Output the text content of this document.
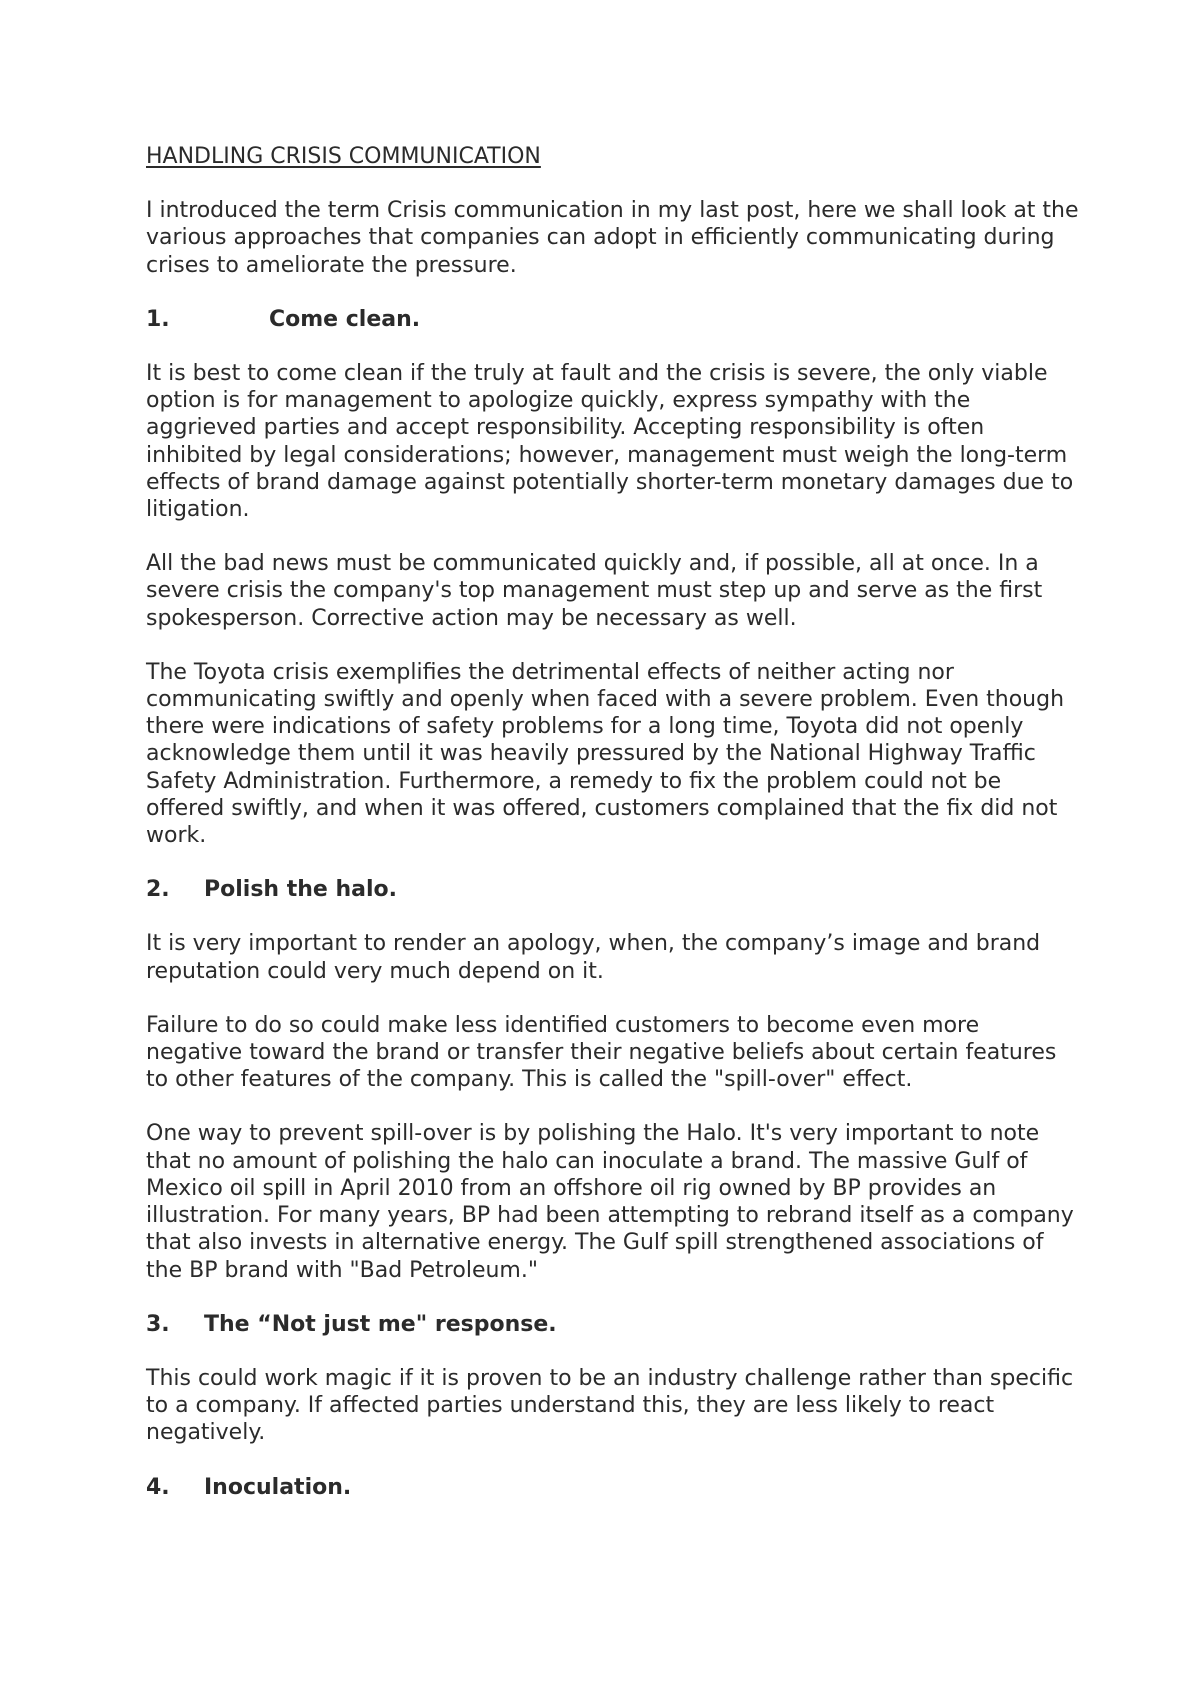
HANDLING CRISIS COMMUNICATION

I introduced the term Crisis communication in my last post, here we shall look at the various approaches that companies can adopt in efficiently communicating during crises to ameliorate the pressure.

1.	Come clean.

It is best to come clean if the truly at fault and the crisis is severe, the only viable option is for management to apologize quickly, express sympathy with the aggrieved parties and accept responsibility. Accepting responsibility is often inhibited by legal considerations; however, management must weigh the long-term effects of brand damage against potentially shorter-term monetary damages due to litigation.

All the bad news must be communicated quickly and, if possible, all at once. In a severe crisis the company's top management must step up and serve as the first spokesperson. Corrective action may be necessary as well.

The Toyota crisis exemplifies the detrimental effects of neither acting nor communicating swiftly and openly when faced with a severe problem. Even though there were indications of safety problems for a long time, Toyota did not openly acknowledge them until it was heavily pressured by the National Highway Traffic Safety Administration. Furthermore, a remedy to fix the problem could not be offered swiftly, and when it was offered, customers complained that the fix did not work.

2.	Polish the halo.

It is very important to render an apology, when, the company’s image and brand reputation could very much depend on it.

Failure to do so could make less identified customers to become even more negative toward the brand or transfer their negative beliefs about certain features to other features of the company. This is called the "spill-over" effect.

One way to prevent spill-over is by polishing the Halo. It's very important to note that no amount of polishing the halo can inoculate a brand. The massive Gulf of Mexico oil spill in April 2010 from an offshore oil rig owned by BP provides an illustration. For many years, BP had been attempting to rebrand itself as a company that also invests in alternative energy. The Gulf spill strengthened associations of the BP brand with "Bad Petroleum."

3.	The “Not just me" response.

This could work magic if it is proven to be an industry challenge rather than specific to a company. If affected parties understand this, they are less likely to react negatively.

4.	Inoculation.
